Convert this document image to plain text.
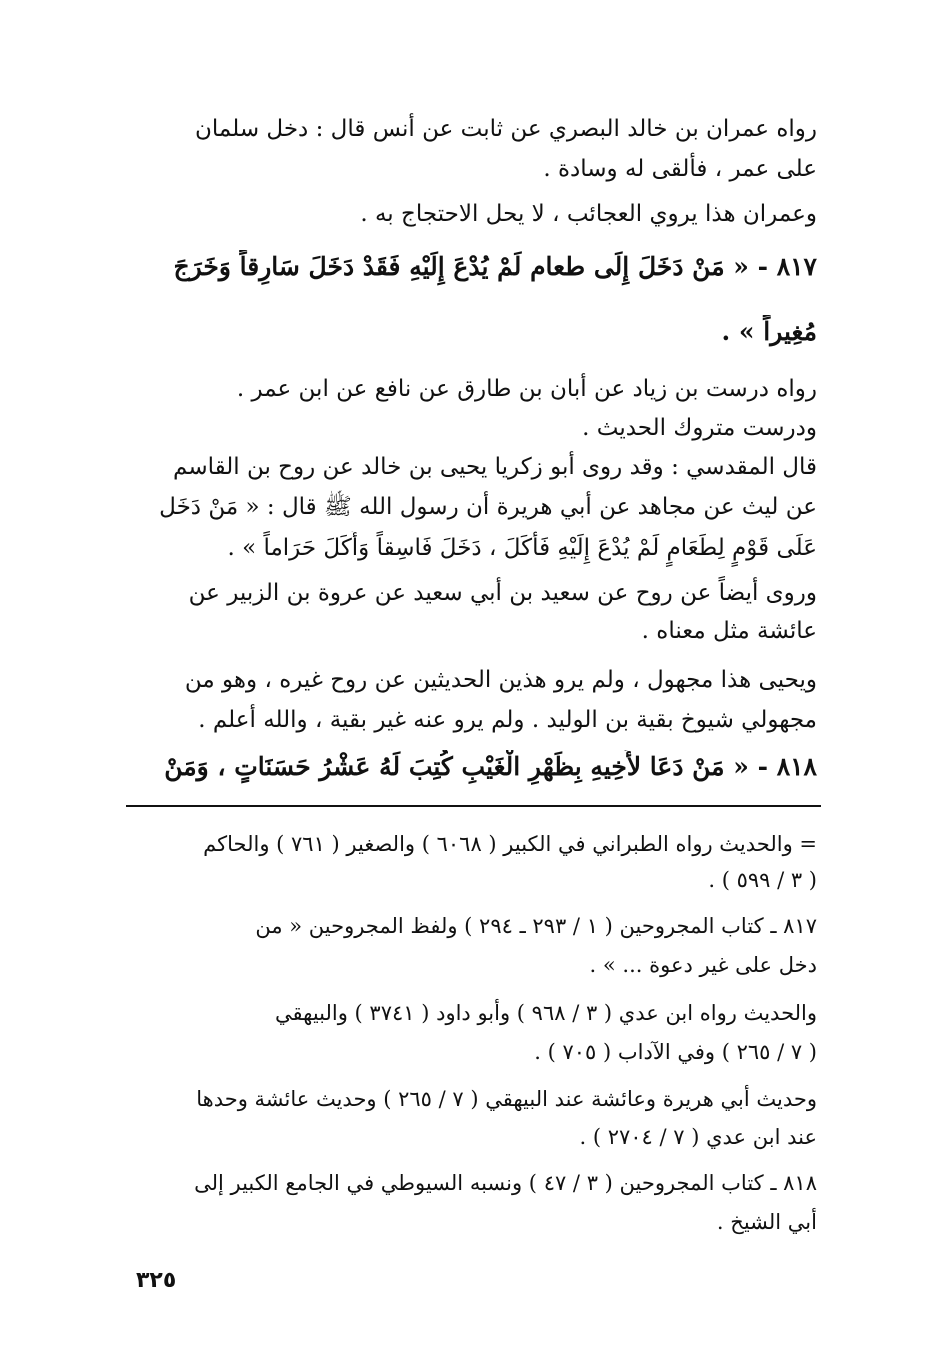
رواه عمران بن خالد البصري عن ثابت عن أنس قال : دخل سلمان
على عمر ، فألقى له وسادة .
وعمران هذا يروي العجائب ، لا يحل الاحتجاج به .
٨١٧ - « مَنْ دَخَلَ إِلَى طعام لَمْ يُدْعَ إِلَيْهِ فَقَدْ دَخَلَ سَارِقاً وَخَرَجَ
مُغِيراً » .
رواه درست بن زياد عن أبان بن طارق عن نافع عن ابن عمر .
ودرست متروك الحديث .
قال المقدسي : وقد روى أبو زكريا يحيى بن خالد عن روح بن القاسم
عن ليث عن مجاهد عن أبي هريرة أن رسول الله ﷺ قال : « مَنْ دَخَل
عَلَى قَوْمٍ لِطَعَامٍ لَمْ يُدْعَ إِلَيْهِ فَأَكَلَ ، دَخَلَ فَاسِقاً وَأَكَلَ حَرَاماً » .
وروى أيضاً عن روح عن سعيد بن أبي سعيد عن عروة بن الزبير عن
عائشة مثل معناه .
ويحيى هذا مجهول ، ولم يرو هذين الحديثين عن روح غيره ، وهو من
مجهولي شيوخ بقية بن الوليد . ولم يرو عنه غير بقية ، والله أعلم .
٨١٨ - « مَنْ دَعَا لأَخِيهِ بِظَهْرِ الْغَيْبِ كُتِبَ لَهُ عَشْرُ حَسَنَاتٍ ، وَمَنْ
= والحديث رواه الطبراني في الكبير ( ٦٠٦٨ ) والصغير ( ٧٦١ ) والحاكم
( ٣ / ٥٩٩ ) .
٨١٧ ـ كتاب المجروحين ( ١ / ٢٩٣ ـ ٢٩٤ ) ولفظ المجروحين « من
دخل على غير دعوة ... » .
والحديث رواه ابن عدي ( ٣ / ٩٦٨ ) وأبو داود ( ٣٧٤١ ) والبيهقي
( ٧ / ٢٦٥ ) وفي الآداب ( ٧٠٥ ) .
وحديث أبي هريرة وعائشة عند البيهقي ( ٧ / ٢٦٥ ) وحديث عائشة وحدها
عند ابن عدي ( ٧ / ٢٧٠٤ ) .
٨١٨ ـ كتاب المجروحين ( ٣ / ٤٧ ) ونسبه السيوطي في الجامع الكبير إلى
أبي الشيخ .
٣٢٥
